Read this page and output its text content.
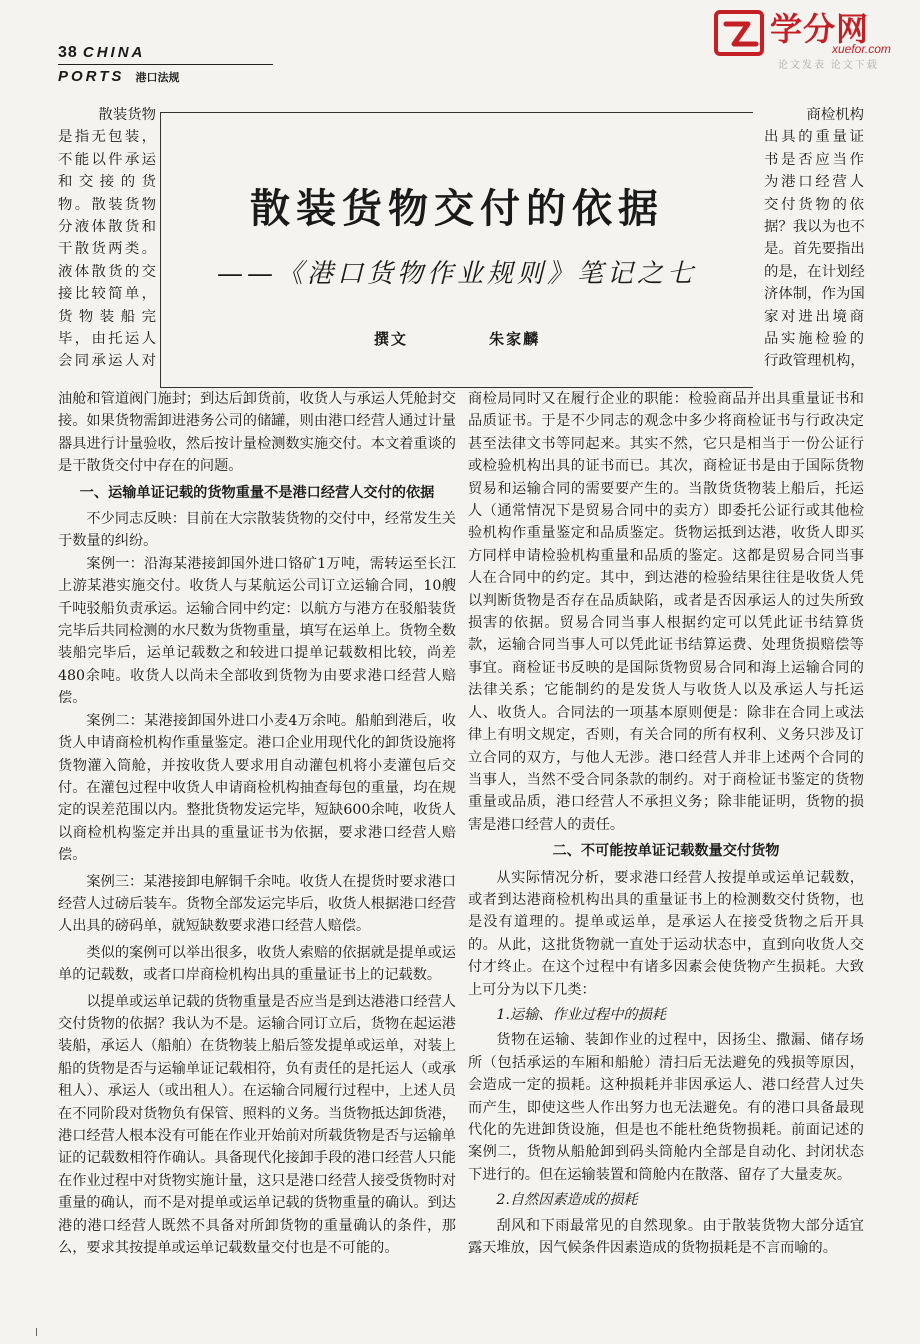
38 CHINA
PORTS 港口法规
学分网
xuefor.com
论文发表 论文下载
散装货物交付的依据
——《港口货物作业规则》笔记之七
撰文	朱家麟
散装货物
是指无包装，
不能以件承运
和交接的货
物。散装货物
分液体散货和
干散货两类。
液体散货的交
接比较简单，
货物装船完
毕，由托运人
会同承运人对
商检机构
出具的重量证
书是否应当作
为港口经营人
交付货物的依
据？我以为也不
是。首先要指出
的是，在计划经
济体制，作为国
家对进出境商
品实施检验的
行政管理机构，

油舱和管道阀门施封；到达后卸货前，收货人与承运人凭舱封交接。如果货物需卸进港务公司的储罐，则由港口经营人通过计量器具进行计量验收，然后按计量检测数实施交付。本文着重谈的是干散货交付中存在的问题。

一、运输单证记载的货物重量不是港口经营人交付的依据

不少同志反映：目前在大宗散装货物的交付中，经常发生关于数量的纠纷。

案例一：沿海某港接卸国外进口铬矿1万吨，需转运至长江上游某港实施交付。收货人与某航运公司订立运输合同，10艘千吨驳船负责承运。运输合同中约定：以航方与港方在驳船装货完毕后共同检测的水尺数为货物重量，填写在运单上。货物全数装船完毕后，运单记载数之和较进口提单记载数相比较，尚差480余吨。收货人以尚未全部收到货物为由要求港口经营人赔偿。

案例二：某港接卸国外进口小麦4万余吨。船舶到港后，收货人申请商检机构作重量鉴定。港口企业用现代化的卸货设施将货物灌入筒舱，并按收货人要求用自动灌包机将小麦灌包后交付。在灌包过程中收货人申请商检机构抽查每包的重量，均在规定的误差范围以内。整批货物发运完毕，短缺600余吨，收货人以商检机构鉴定并出具的重量证书为依据，要求港口经营人赔偿。

案例三：某港接卸电解铜千余吨。收货人在提货时要求港口经营人过磅后装车。货物全部发运完毕后，收货人根据港口经营人出具的磅码单，就短缺数要求港口经营人赔偿。

类似的案例可以举出很多，收货人索赔的依据就是提单或运单的记载数，或者口岸商检机构出具的重量证书上的记载数。

以提单或运单记载的货物重量是否应当是到达港港口经营人交付货物的依据？我认为不是。运输合同订立后，货物在起运港装船，承运人（船舶）在货物装上船后签发提单或运单，对装上船的货物是否与运输单证记载相符，负有责任的是托运人（或承租人）、承运人（或出租人）。在运输合同履行过程中，上述人员在不同阶段对货物负有保管、照料的义务。当货物抵达卸货港，港口经营人根本没有可能在作业开始前对所载货物是否与运输单证的记载数相符作确认。具备现代化接卸手段的港口经营人只能在作业过程中对货物实施计量，这只是港口经营人接受货物时对重量的确认，而不是对提单或运单记载的货物重量的确认。到达港的港口经营人既然不具备对所卸货物的重量确认的条件，那么，要求其按提单或运单记载数量交付也是不可能的。

商检局同时又在履行企业的职能：检验商品并出具重量证书和品质证书。于是不少同志的观念中多少将商检证书与行政决定甚至法律文书等同起来。其实不然，它只是相当于一份公证行或检验机构出具的证书而已。其次，商检证书是由于国际货物贸易和运输合同的需要要产生的。当散货货物装上船后，托运人（通常情况下是贸易合同中的卖方）即委托公证行或其他检验机构作重量鉴定和品质鉴定。货物运抵到达港，收货人即买方同样申请检验机构重量和品质的鉴定。这都是贸易合同当事人在合同中的约定。其中，到达港的检验结果往往是收货人凭以判断货物是否存在品质缺陷，或者是否因承运人的过失所致损害的依据。贸易合同当事人根据约定可以凭此证书结算货款，运输合同当事人可以凭此证书结算运费、处理货损赔偿等事宜。商检证书反映的是国际货物贸易合同和海上运输合同的法律关系；它能制约的是发货人与收货人以及承运人与托运人、收货人。合同法的一项基本原则便是：除非在合同上或法律上有明文规定，否则，有关合同的所有权利、义务只涉及订立合同的双方，与他人无涉。港口经营人并非上述两个合同的当事人，当然不受合同条款的制约。对于商检证书鉴定的货物重量或品质，港口经营人不承担义务；除非能证明，货物的损害是港口经营人的责任。

二、不可能按单证记载数量交付货物

从实际情况分析，要求港口经营人按提单或运单记载数，或者到达港商检机构出具的重量证书上的检测数交付货物，也是没有道理的。提单或运单，是承运人在接受货物之后开具的。从此，这批货物就一直处于运动状态中，直到向收货人交付才终止。在这个过程中有诸多因素会使货物产生损耗。大致上可分为以下几类：

1.运输、作业过程中的损耗

货物在运输、装卸作业的过程中，因扬尘、撒漏、储存场所（包括承运的车厢和船舱）清扫后无法避免的残损等原因，会造成一定的损耗。这种损耗并非因承运人、港口经营人过失而产生，即使这些人作出努力也无法避免。有的港口具备最现代化的先进卸货设施，但是也不能杜绝货物损耗。前面记述的案例二，货物从船舱卸到码头筒舱内全部是自动化、封闭状态下进行的。但在运输装置和筒舱内在散落、留存了大量麦灰。

2.自然因素造成的损耗

刮风和下雨最常见的自然现象。由于散装货物大部分适宜露天堆放，因气候条件因素造成的货物损耗是不言而喻的。
